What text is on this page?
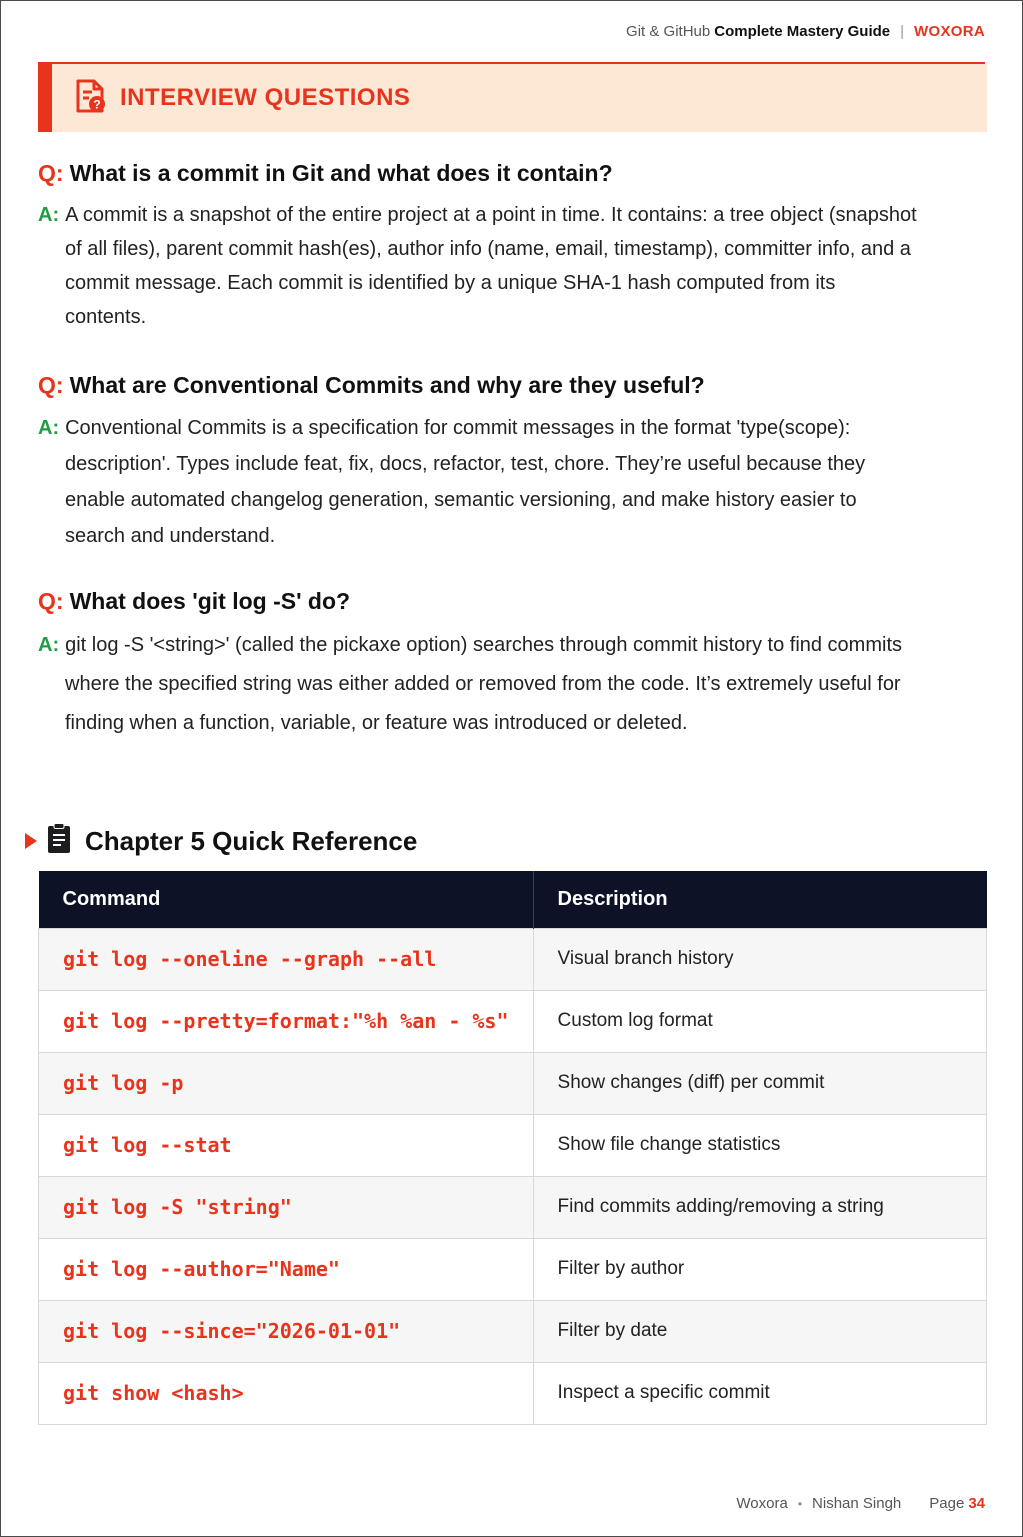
Git & GitHub Complete Mastery Guide | WOXORA
? INTERVIEW QUESTIONS
Q: What is a commit in Git and what does it contain?
A: A commit is a snapshot of the entire project at a point in time. It contains: a tree object (snapshot of all files), parent commit hash(es), author info (name, email, timestamp), committer info, and a commit message. Each commit is identified by a unique SHA-1 hash computed from its contents.
Q: What are Conventional Commits and why are they useful?
A: Conventional Commits is a specification for commit messages in the format 'type(scope): description'. Types include feat, fix, docs, refactor, test, chore. They’re useful because they enable automated changelog generation, semantic versioning, and make history easier to search and understand.
Q: What does 'git log -S' do?
A: git log -S '<string>' (called the pickaxe option) searches through commit history to find commits where the specified string was either added or removed from the code. It’s extremely useful for finding when a function, variable, or feature was introduced or deleted.
Chapter 5 Quick Reference
Command	Description
git log --oneline --graph --all	Visual branch history
git log --pretty=format:"%h %an - %s"	Custom log format
git log -p	Show changes (diff) per commit
git log --stat	Show file change statistics
git log -S "string"	Find commits adding/removing a string
git log --author="Name"	Filter by author
git log --since="2026-01-01"	Filter by date
git show <hash>	Inspect a specific commit
Woxora • Nishan Singh Page 34
